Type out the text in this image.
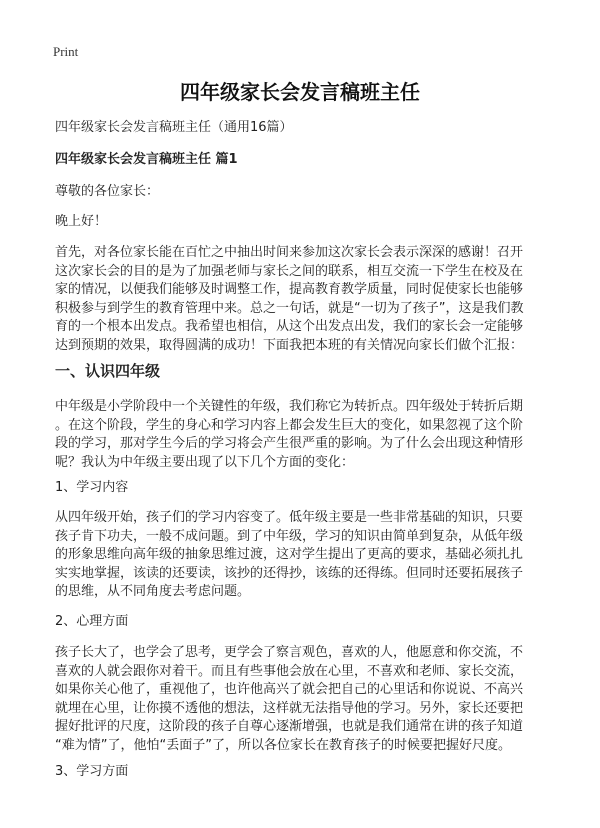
Print
四年级家长会发言稿班主任
四年级家长会发言稿班主任（通用16篇）
四年级家长会发言稿班主任 篇1
尊敬的各位家长：
晚上好！
首先，对各位家长能在百忙之中抽出时间来参加这次家长会表示深深的感谢！召开
这次家长会的目的是为了加强老师与家长之间的联系，相互交流一下学生在校及在
家的情况，以便我们能够及时调整工作，提高教育教学质量，同时促使家长也能够
积极参与到学生的教育管理中来。总之一句话，就是“一切为了孩子”，这是我们教
育的一个根本出发点。我希望也相信，从这个出发点出发，我们的家长会一定能够
达到预期的效果，取得圆满的成功！下面我把本班的有关情况向家长们做个汇报：
一、认识四年级
中年级是小学阶段中一个关键性的年级，我们称它为转折点。四年级处于转折后期
。在这个阶段，学生的身心和学习内容上都会发生巨大的变化，如果忽视了这个阶
段的学习，那对学生今后的学习将会产生很严重的影响。为了什么会出现这种情形
呢？我认为中年级主要出现了以下几个方面的变化：
1、学习内容
从四年级开始，孩子们的学习内容变了。低年级主要是一些非常基础的知识，只要
孩子肯下功夫，一般不成问题。到了中年级，学习的知识由简单到复杂，从低年级
的形象思维向高年级的抽象思维过渡，这对学生提出了更高的要求，基础必须扎扎
实实地掌握，该读的还要读，该抄的还得抄，该练的还得练。但同时还要拓展孩子
的思维，从不同角度去考虑问题。
2、心理方面
孩子长大了，也学会了思考，更学会了察言观色，喜欢的人，他愿意和你交流，不
喜欢的人就会跟你对着干。而且有些事他会放在心里，不喜欢和老师、家长交流，
如果你关心他了，重视他了，也许他高兴了就会把自己的心里话和你说说、不高兴
就埋在心里，让你摸不透他的想法，这样就无法指导他的学习。另外，家长还要把
握好批评的尺度，这阶段的孩子自尊心逐渐增强，也就是我们通常在讲的孩子知道
“难为情”了，他怕“丢面子”了，所以各位家长在教育孩子的时候要把握好尺度。
3、学习方面
